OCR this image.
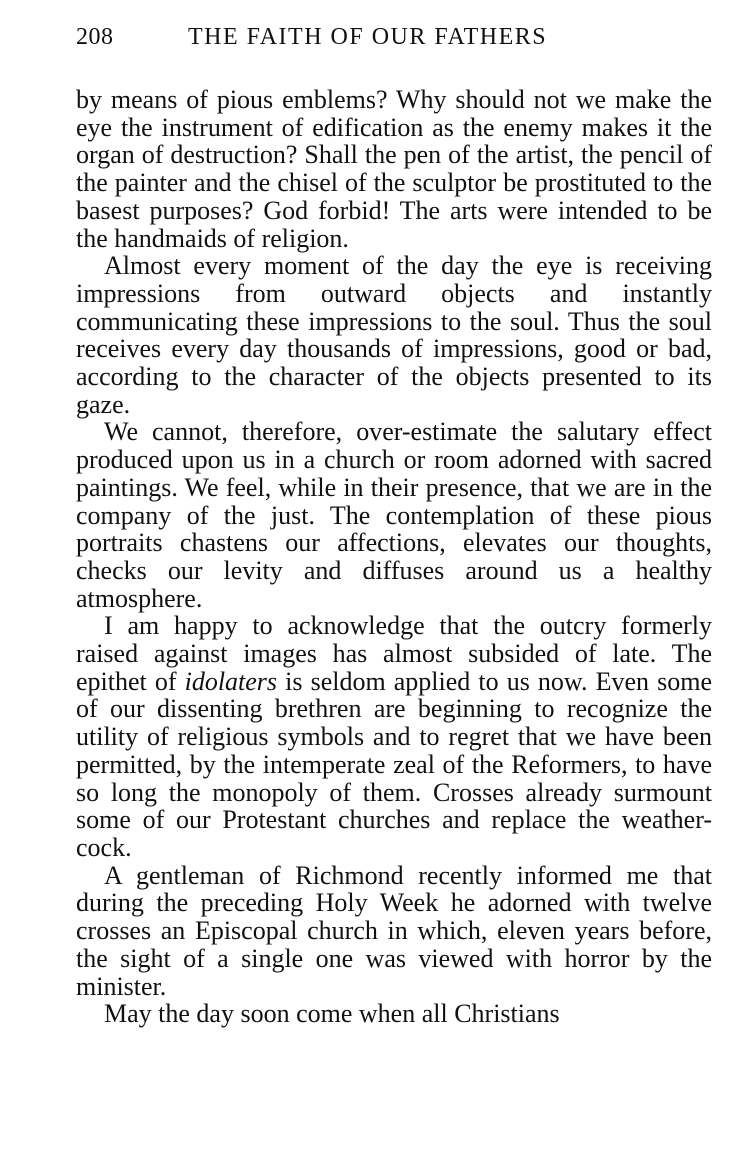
208	THE FAITH OF OUR FATHERS

by means of pious emblems? Why should not we make the eye the instrument of edification as the enemy makes it the organ of destruction? Shall the pen of the artist, the pencil of the painter and the chisel of the sculptor be prostituted to the basest purposes? God forbid! The arts were intended to be the handmaids of religion.

Almost every moment of the day the eye is receiving impressions from outward objects and instantly communicating these impressions to the soul. Thus the soul receives every day thousands of impressions, good or bad, according to the character of the objects presented to its gaze.

We cannot, therefore, over-estimate the salutary effect produced upon us in a church or room adorned with sacred paintings. We feel, while in their presence, that we are in the company of the just. The contemplation of these pious portraits chastens our affections, elevates our thoughts, checks our levity and diffuses around us a healthy atmosphere.

I am happy to acknowledge that the outcry formerly raised against images has almost subsided of late. The epithet of idolaters is seldom applied to us now. Even some of our dissenting brethren are beginning to recognize the utility of religious symbols and to regret that we have been permitted, by the intemperate zeal of the Reformers, to have so long the monopoly of them. Crosses already surmount some of our Protestant churches and replace the weather-cock.

A gentleman of Richmond recently informed me that during the preceding Holy Week he adorned with twelve crosses an Episcopal church in which, eleven years before, the sight of a single one was viewed with horror by the minister.

May the day soon come when all Christians
